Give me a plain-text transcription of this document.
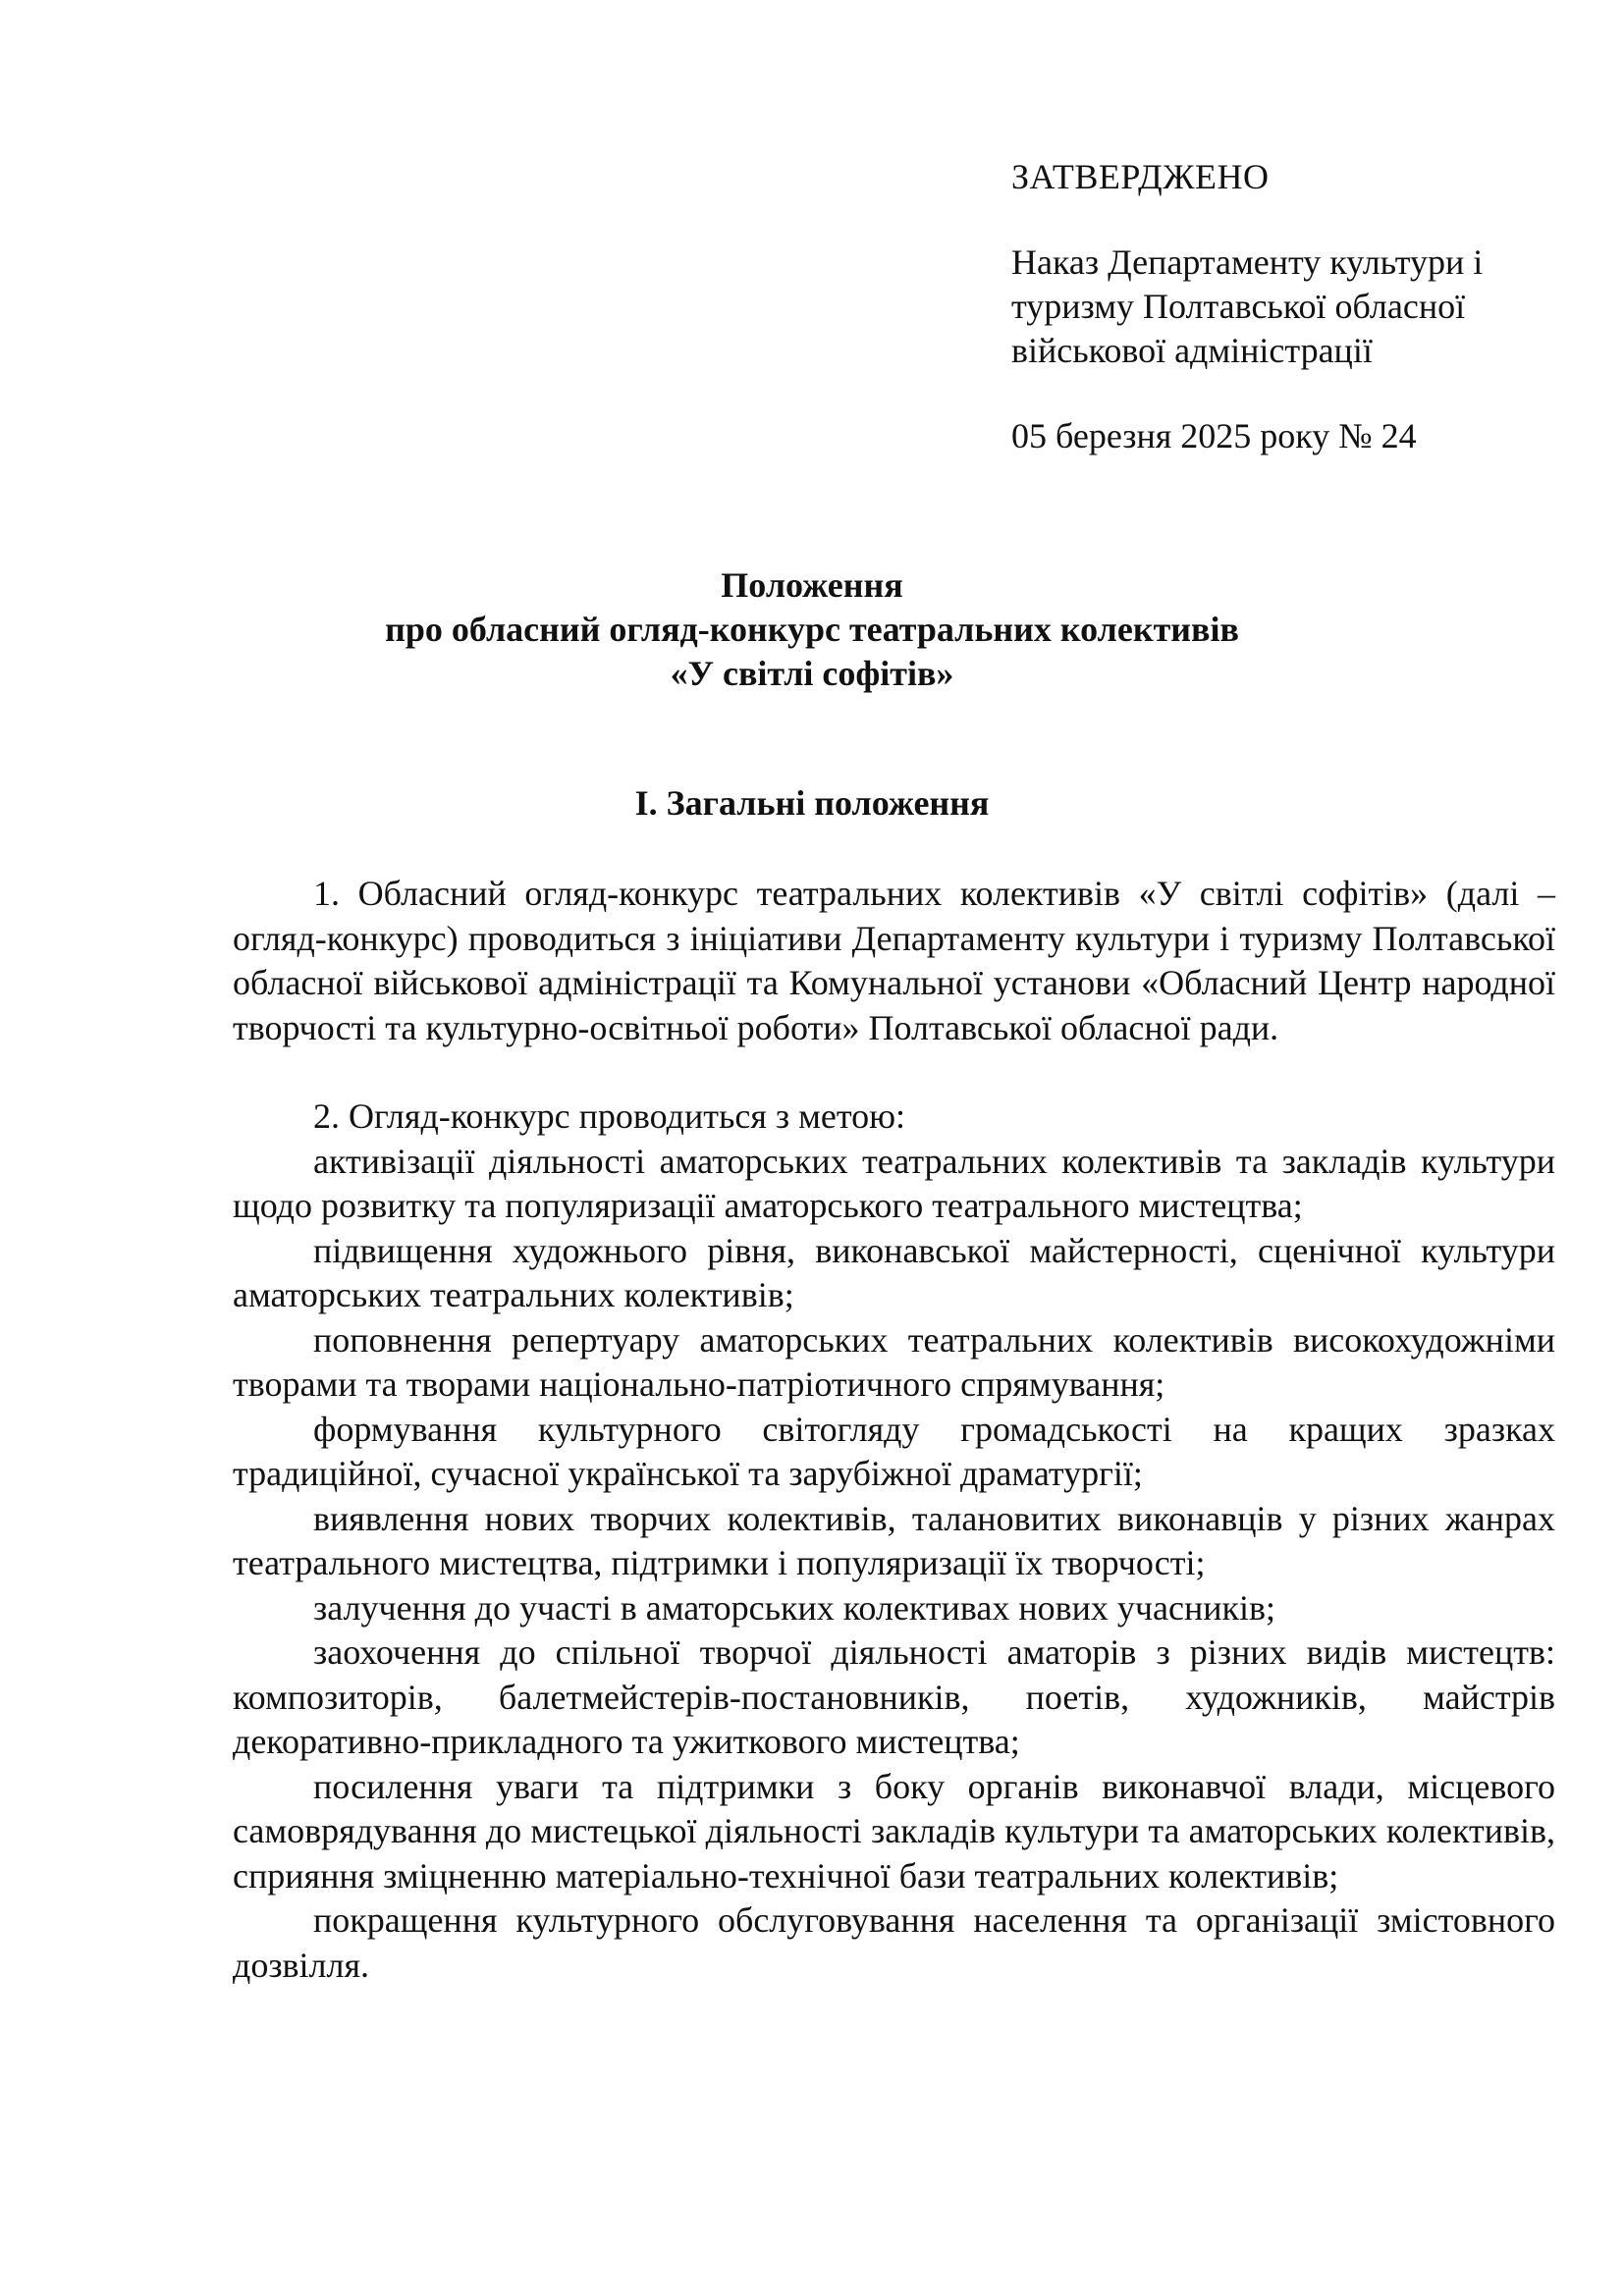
ЗАТВЕРДЖЕНО

Наказ Департаменту культури і туризму Полтавської обласної військової адміністрації

05 березня 2025 року № 24

Положення
про обласний огляд-конкурс театральних колективів
«У світлі софітів»
I. Загальні положення

1. Обласний огляд-конкурс театральних колективів «У світлі софітів» (далі – огляд-конкурс) проводиться з ініціативи Департаменту культури і туризму Полтавської обласної військової адміністрації та Комунальної установи «Обласний Центр народної творчості та культурно-освітньої роботи» Полтавської обласної ради.

2. Огляд-конкурс проводиться з метою:

активізації діяльності аматорських театральних колективів та закладів культури щодо розвитку та популяризації аматорського театрального мистецтва;

підвищення художнього рівня, виконавської майстерності, сценічної культури аматорських театральних колективів;

поповнення репертуару аматорських театральних колективів високохудожніми творами та творами національно-патріотичного спрямування;

формування культурного світогляду громадськості на кращих зразках традиційної, сучасної української та зарубіжної драматургії;

виявлення нових творчих колективів, талановитих виконавців у різних жанрах театрального мистецтва, підтримки і популяризації їх творчості;

залучення до участі в аматорських колективах нових учасників;

заохочення до спільної творчої діяльності аматорів з різних видів мистецтв: композиторів, балетмейстерів-постановників, поетів, художників, майстрів декоративно-прикладного та ужиткового мистецтва;

посилення уваги та підтримки з боку органів виконавчої влади, місцевого самоврядування до мистецької діяльності закладів культури та аматорських колективів, сприяння зміцненню матеріально-технічної бази театральних колективів;

покращення культурного обслуговування населення та організації змістовного дозвілля.
